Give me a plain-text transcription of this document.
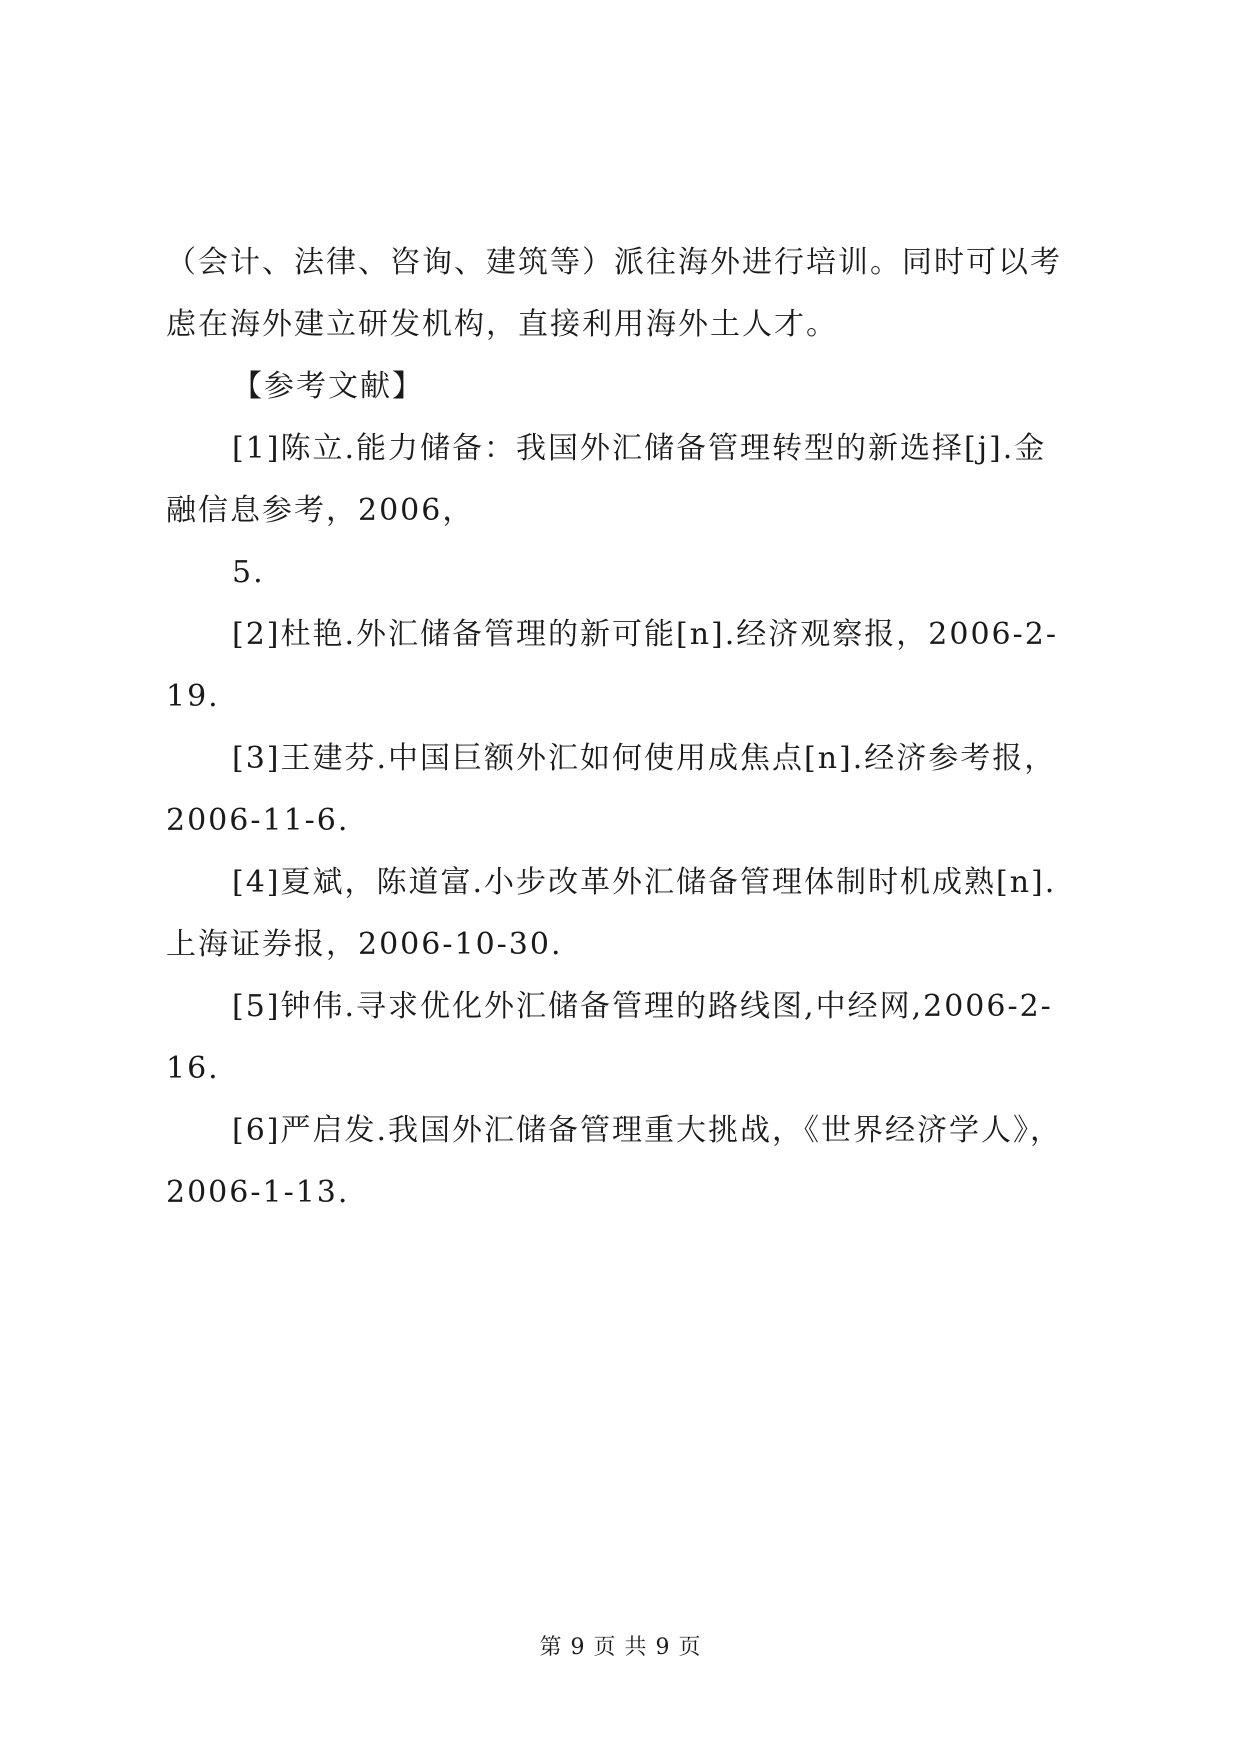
（会计、法律、咨询、建筑等）派往海外进行培训。同时可以考
虑在海外建立研发机构，直接利用海外土人才。
【参考文献】
[1]陈立.能力储备：我国外汇储备管理转型的新选择[j].金
融信息参考，2006，
5.
[2]杜艳.外汇储备管理的新可能[n].经济观察报，2006-2-
19.
[3]王建芬.中国巨额外汇如何使用成焦点[n].经济参考报，
2006-11-6.
[4]夏斌，陈道富.小步改革外汇储备管理体制时机成熟[n].
上海证券报，2006-10-30.
[5]钟伟.寻求优化外汇储备管理的路线图,中经网,2006-2-
16.
[6]严启发.我国外汇储备管理重大挑战，《世界经济学人》，
2006-1-13.
第 9 页 共 9 页
